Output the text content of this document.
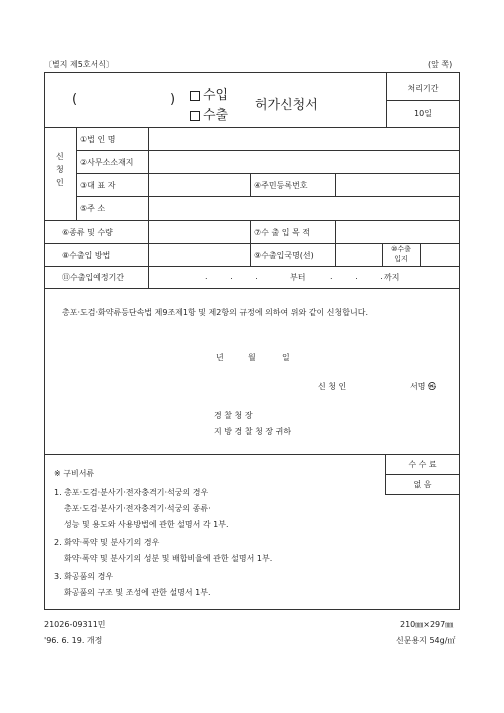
〔별지 제5호서식〕	(앞 쪽)
(	)	수입
수출
허가신청서
처리기간
10일
신
청
인
①법 인 명
②사무소소재지
③대 표 자	④주민등록번호
⑤주 소
⑥종류 및 수량	⑦수 출 입 목 적
⑧수출입 방법	⑨수출입국명(선)
⑩수출
입지
⑪수출입예정기간	. . .	부터	. . . 까지
총포·도검·화약류등단속법 제9조제1항 및 제2항의 규정에 의하여 위와 같이 신청합니다.
년	월	일
신 청 인	서명 ㉿
경 찰 청 장
지 방 경 찰 청 장 귀하
수 수 료
없 음
※ 구비서류
1. 총포·도검·분사기·전자충격기·석궁의 경우
총포·도검·분사기·전자충격기·석궁의 종류·
성능 및 용도와 사용방법에 관한 설명서 각 1부.
2. 화약·폭약 및 분사기의 경우
화약·폭약 및 분사기의 성분 및 배합비율에 관한 설명서 1부.
3. 화공품의 경우
화공품의 구조 및 조성에 관한 설명서 1부.
21026-09311민
'96. 6. 19. 개정
210㎜×297㎜
신문용지 54g/㎡
